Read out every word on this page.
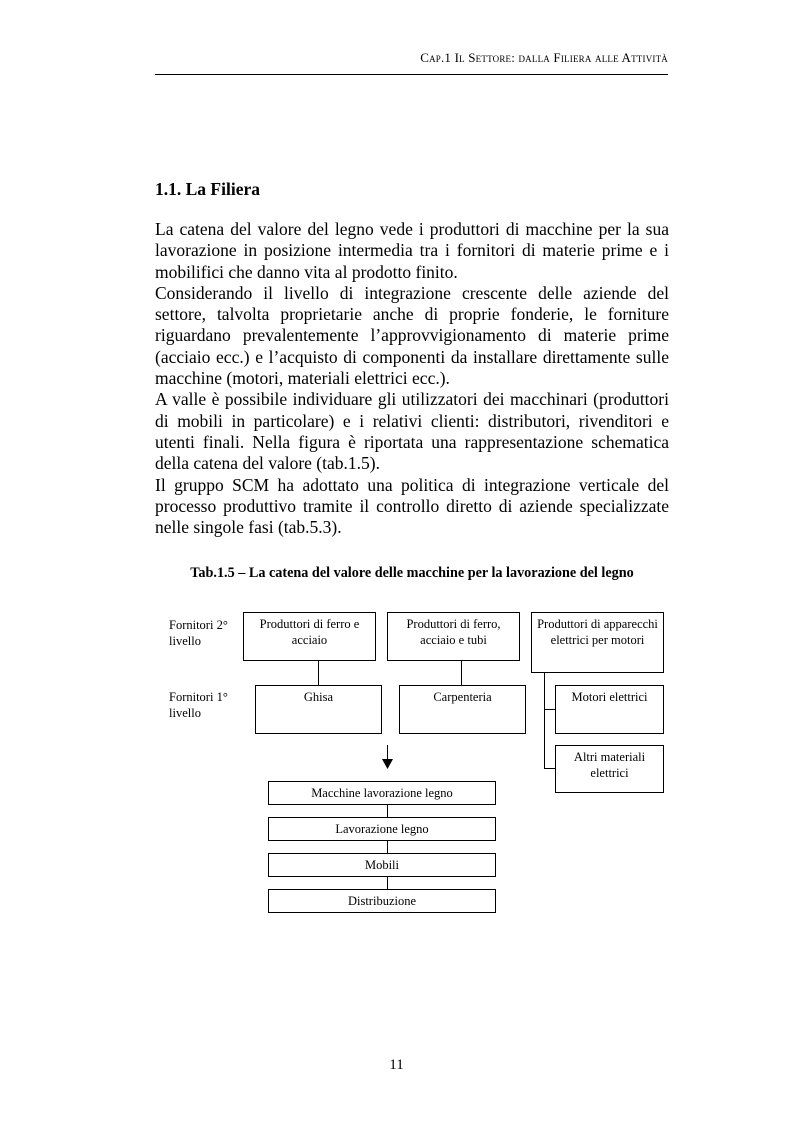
Cap.1 Il Settore: dalla Filiera alle Attività
1.1. La Filiera

La catena del valore del legno vede i produttori di macchine per la sua lavorazione in posizione intermedia tra i fornitori di materie prime e i mobilifici che danno vita al prodotto finito.

Considerando il livello di integrazione crescente delle aziende del settore, talvolta proprietarie anche di proprie fonderie, le forniture riguardano prevalentemente l’approvvigionamento di materie prime (acciaio ecc.) e l’acquisto di componenti da installare direttamente sulle macchine (motori, materiali elettrici ecc.).

A valle è possibile individuare gli utilizzatori dei macchinari (produttori di mobili in particolare) e i relativi clienti: distributori, rivenditori e utenti finali. Nella figura è riportata una rappresentazione schematica della catena del valore (tab.1.5).

Il gruppo SCM ha adottato una politica di integrazione verticale del processo produttivo tramite il controllo diretto di aziende specializzate nelle singole fasi (tab.5.3).

Tab.1.5 – La catena del valore delle macchine per la lavorazione del legno
Fornitori 2° livello
Fornitori 1° livello
Produttori di ferro e acciaio
Produttori di ferro, acciaio e tubi
Produttori di apparecchi elettrici per motori
Ghisa	Carpenteria	Motori elettrici
Altri materiali elettrici
Macchine lavorazione legno
Lavorazione legno
Mobili
Distribuzione
11
